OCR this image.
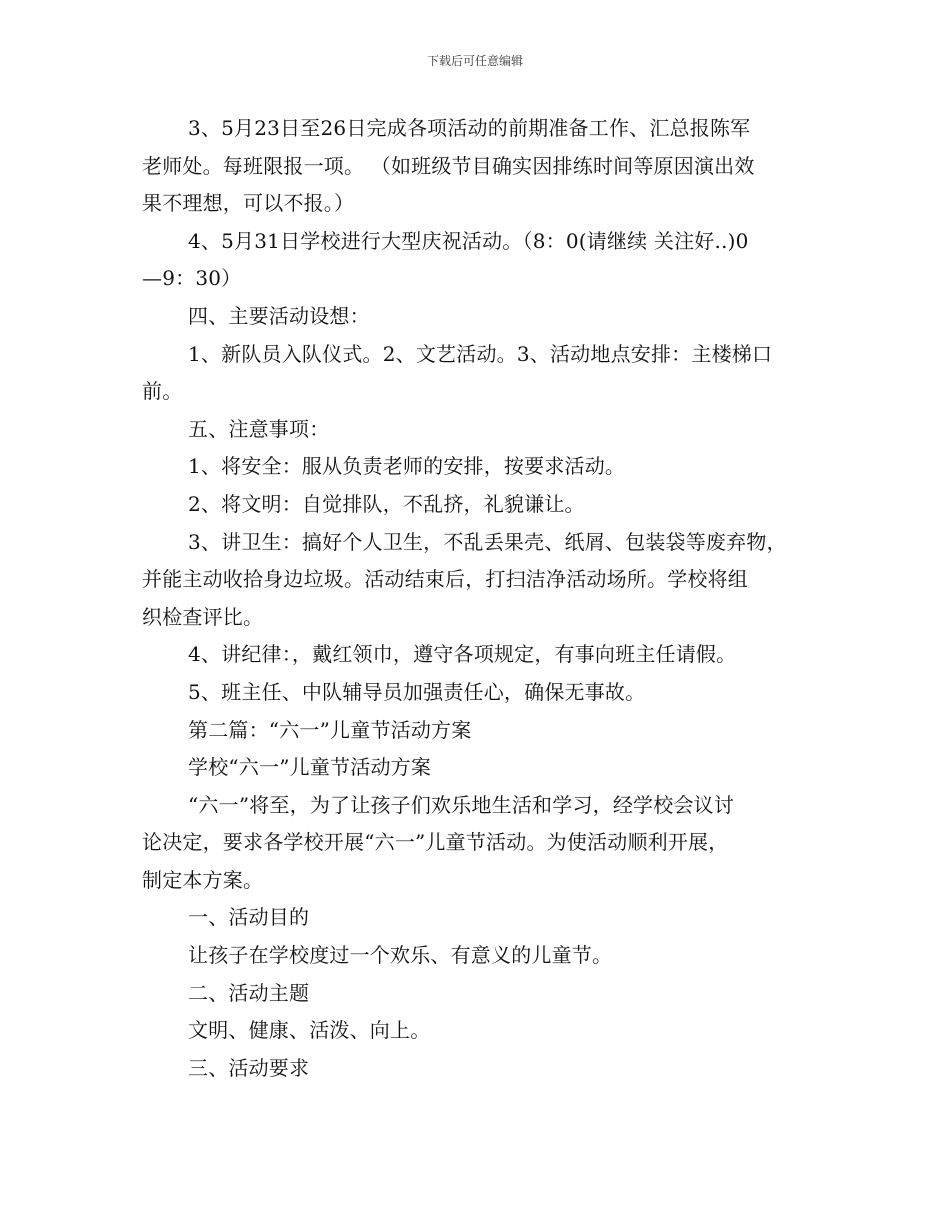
下载后可任意编辑
3、5月23日至26日完成各项活动的前期准备工作、汇总报陈军
老师处。每班限报一项。 （如班级节目确实因排练时间等原因演出效
果不理想，可以不报。）
4、5月31日学校进行大型庆祝活动。（8：0(请继续 关注好..)0
—9：30）
四、主要活动设想：
1、新队员入队仪式。2、文艺活动。3、活动地点安排：主楼梯口
前。
五、注意事项：
1、将安全：服从负责老师的安排，按要求活动。
2、将文明：自觉排队，不乱挤，礼貌谦让。
3、讲卫生：搞好个人卫生，不乱丢果壳、纸屑、包装袋等废弃物，
并能主动收拾身边垃圾。活动结束后，打扫洁净活动场所。学校将组
织检查评比。
4、讲纪律：，戴红领巾，遵守各项规定，有事向班主任请假。
5、班主任、中队辅导员加强责任心，确保无事故。
第二篇：“六一”儿童节活动方案
学校“六一”儿童节活动方案
“六一”将至，为了让孩子们欢乐地生活和学习，经学校会议讨
论决定，要求各学校开展“六一”儿童节活动。为使活动顺利开展，
制定本方案。
一、活动目的
让孩子在学校度过一个欢乐、有意义的儿童节。
二、活动主题
文明、健康、活泼、向上。
三、活动要求
